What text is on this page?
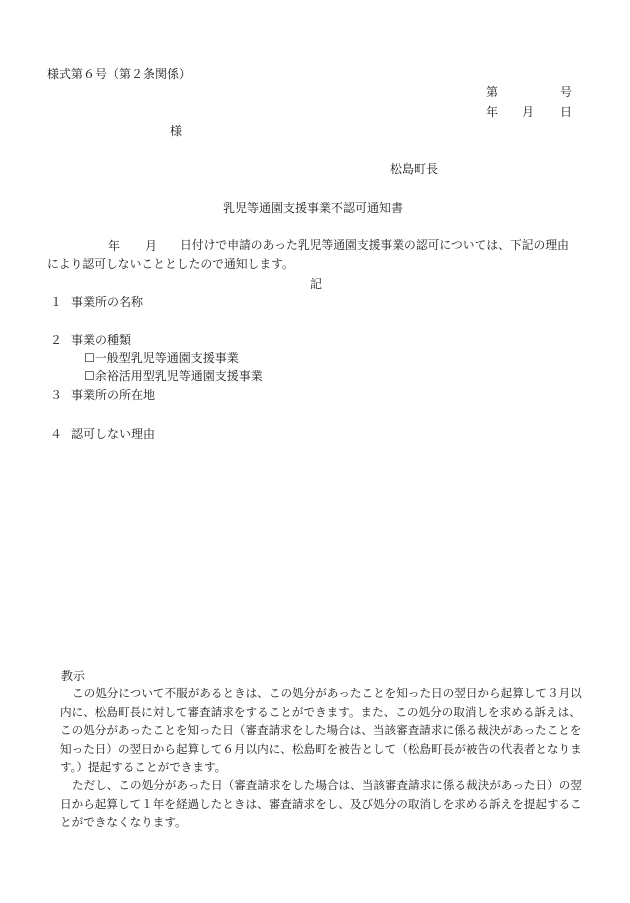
様式第６号（第２条関係）
第	号
年 月 日
様
松島町長
乳児等通園支援事業不認可通知書
年 月 日付けで申請のあった乳児等通園支援事業の認可については、下記の理由
により認可しないこととしたので通知します。
記
１ 事業所の名称
２ 事業の種類
☐一般型乳児等通園支援事業
☐余裕活用型乳児等通園支援事業
３ 事業所の所在地
４ 認可しない理由
教示
この処分について不服があるときは、この処分があったことを知った日の翌日から起算して３月以内に、松島町長に対して審査請求をすることができます。また、この処分の取消しを求める訴えは、この処分があったことを知った日（審査請求をした場合は、当該審査請求に係る裁決があったことを知った日）の翌日から起算して６月以内に、松島町を被告として（松島町長が被告の代表者となります。）提起することができます。
ただし、この処分があった日（審査請求をした場合は、当該審査請求に係る裁決があった日）の翌日から起算して１年を経過したときは、審査請求をし、及び処分の取消しを求める訴えを提起することができなくなります。
